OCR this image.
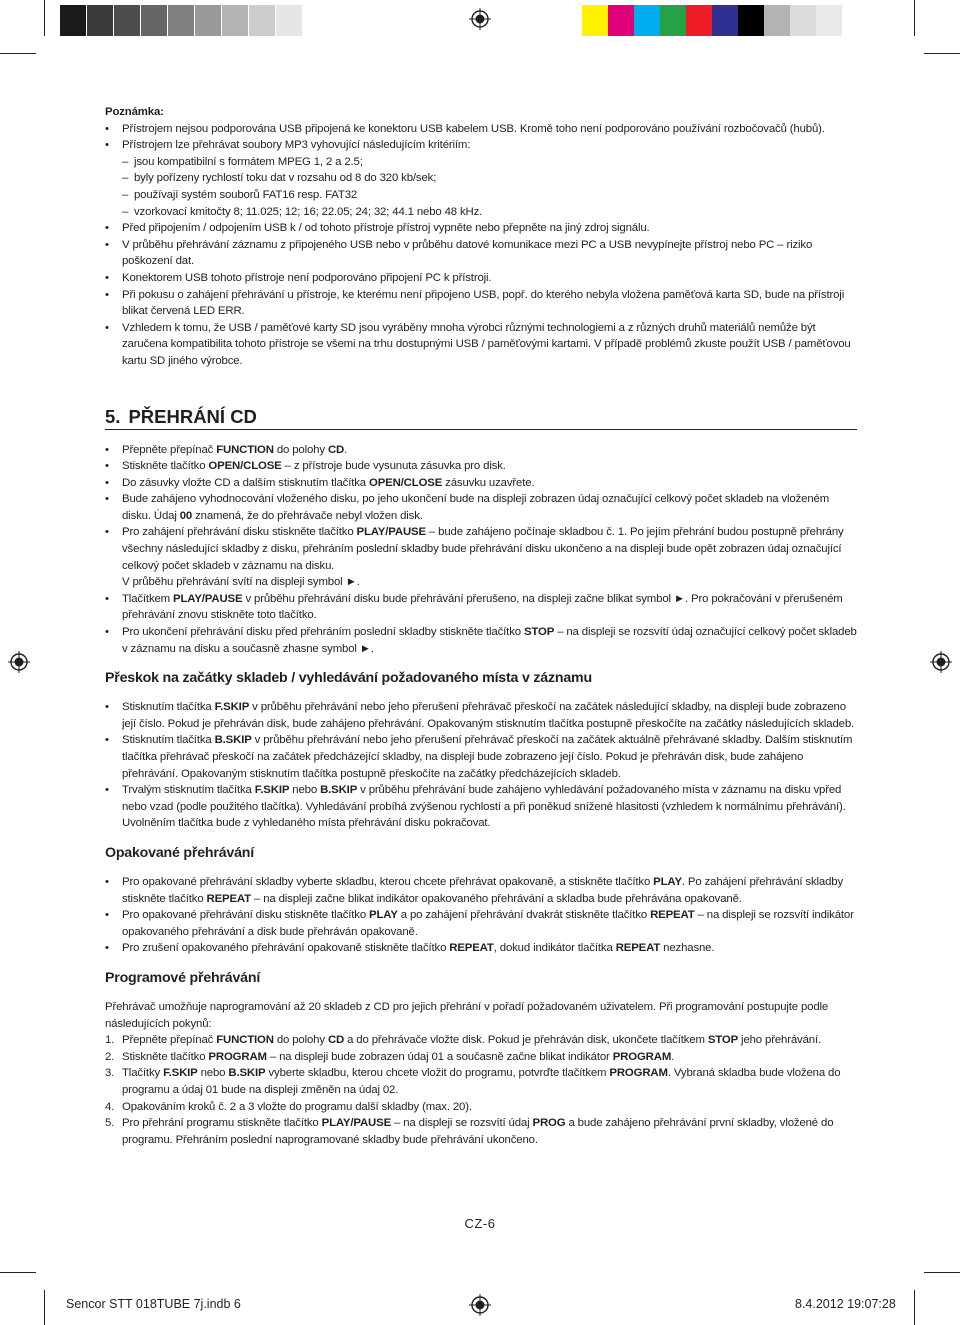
Poznámka:

• Přístrojem nejsou podporována USB připojená ke konektoru USB kabelem USB. Kromě toho není podporováno používání rozbočovačů (hubů).
• Přístrojem lze přehrávat soubory MP3 vyhovující následujícím kritériím:
– jsou kompatibilní s formátem MPEG 1, 2 a 2.5;
– byly pořízeny rychlostí toku dat v rozsahu od 8 do 320 kb/sek;
– používají systém souborů FAT16 resp. FAT32
– vzorkovací kmitočty 8; 11.025; 12; 16; 22.05; 24; 32; 44.1 nebo 48 kHz.
• Před připojením / odpojením USB k / od tohoto přístroje přístroj vypněte nebo přepněte na jiný zdroj signálu.
• V průběhu přehrávání záznamu z připojeného USB nebo v průběhu datové komunikace mezi PC a USB nevypínejte přístroj nebo PC – riziko poškození dat.
• Konektorem USB tohoto přístroje není podporováno připojení PC k přístroji.
• Při pokusu o zahájení přehrávání u přístroje, ke kterému není připojeno USB, popř. do kterého nebyla vložena paměťová karta SD, bude na přístroji blikat červená LED ERR.
• Vzhledem k tomu, že USB / paměťové karty SD jsou vyráběny mnoha výrobci různými technologiemi a z různých druhů materiálů nemůže být zaručena kompatibilita tohoto přístroje se všemi na trhu dostupnými USB / paměťovými kartami. V případě problémů zkuste použít USB / paměťovou kartu SD jiného výrobce.
5. PŘEHRÁNÍ CD
• Přepněte přepínač FUNCTION do polohy CD.
• Stiskněte tlačítko OPEN/CLOSE – z přístroje bude vysunuta zásuvka pro disk.
• Do zásuvky vložte CD a dalším stisknutím tlačítka OPEN/CLOSE zásuvku uzavřete.
• Bude zahájeno vyhodnocování vloženého disku, po jeho ukončení bude na displeji zobrazen údaj označující celkový počet skladeb na vloženém disku. Údaj 00 znamená, že do přehrávače nebyl vložen disk.
• Pro zahájení přehrávání disku stiskněte tlačítko PLAY/PAUSE – bude zahájeno počínaje skladbou č. 1. Po jejím přehrání budou postupně přehrány všechny následující skladby z disku, přehráním poslední skladby bude přehrávání disku ukončeno a na displeji bude opět zobrazen údaj označující celkový počet skladeb v záznamu na disku.
V průběhu přehrávání svítí na displeji symbol ►.
• Tlačítkem PLAY/PAUSE v průběhu přehrávání disku bude přehrávání přerušeno, na displeji začne blikat symbol ►. Pro pokračování v přerušeném přehrávání znovu stiskněte toto tlačítko.
• Pro ukončení přehrávání disku před přehráním poslední skladby stiskněte tlačítko STOP – na displeji se rozsvítí údaj označující celkový počet skladeb v záznamu na disku a současně zhasne symbol ►.
Přeskok na začátky skladeb / vyhledávání požadovaného místa v záznamu
• Stisknutím tlačítka F.SKIP v průběhu přehrávání nebo jeho přerušení přehrávač přeskočí na začátek následující skladby, na displeji bude zobrazeno její číslo. Pokud je přehráván disk, bude zahájeno přehrávání. Opakovaným stisknutím tlačítka postupně přeskočíte na začátky následujících skladeb.
• Stisknutím tlačítka B.SKIP v průběhu přehrávání nebo jeho přerušení přehrávač přeskočí na začátek aktuálně přehrávané skladby. Dalším stisknutím tlačítka přehrávač přeskočí na začátek předcházející skladby, na displeji bude zobrazeno její číslo. Pokud je přehráván disk, bude zahájeno přehrávání. Opakovaným stisknutím tlačítka postupně přeskočíte na začátky předcházejících skladeb.
• Trvalým stisknutím tlačítka F.SKIP nebo B.SKIP v průběhu přehrávání bude zahájeno vyhledávání požadovaného místa v záznamu na disku vpřed nebo vzad (podle použitého tlačítka). Vyhledávání probíhá zvýšenou rychlostí a při poněkud snížené hlasitosti (vzhledem k normálnímu přehrávání).
Uvolněním tlačítka bude z vyhledaného místa přehrávání disku pokračovat.
Opakované přehrávání
• Pro opakované přehrávání skladby vyberte skladbu, kterou chcete přehrávat opakovaně, a stiskněte tlačítko PLAY. Po zahájení přehrávání skladby stiskněte tlačítko REPEAT – na displeji začne blikat indikátor opakovaného přehrávání a skladba bude přehrávána opakovaně.
• Pro opakované přehrávání disku stiskněte tlačítko PLAY a po zahájení přehrávání dvakrát stiskněte tlačítko REPEAT – na displeji se rozsvítí indikátor opakovaného přehrávání a disk bude přehráván opakovaně.
• Pro zrušení opakovaného přehrávání opakovaně stiskněte tlačítko REPEAT, dokud indikátor tlačítka REPEAT nezhasne.
Programové přehrávání

Přehrávač umožňuje naprogramování až 20 skladeb z CD pro jejich přehrání v pořadí požadovaném uživatelem. Při programování postupujte podle následujících pokynů:

1. Přepněte přepínač FUNCTION do polohy CD a do přehrávače vložte disk. Pokud je přehráván disk, ukončete tlačítkem STOP jeho přehrávání.
2. Stiskněte tlačítko PROGRAM – na displeji bude zobrazen údaj 01 a současně začne blikat indikátor PROGRAM.
3. Tlačítky F.SKIP nebo B.SKIP vyberte skladbu, kterou chcete vložit do programu, potvrďte tlačítkem PROGRAM. Vybraná skladba bude vložena do programu a údaj 01 bude na displeji změněn na údaj 02.
4. Opakováním kroků č. 2 a 3 vložte do programu další skladby (max. 20).
5. Pro přehrání programu stiskněte tlačítko PLAY/PAUSE – na displeji se rozsvítí údaj PROG a bude zahájeno přehrávání první skladby, vložené do programu. Přehráním poslední naprogramované skladby bude přehrávání ukončeno.
CZ-6
Sencor STT 018TUBE 7j.indb 6	8.4.2012 19:07:28
